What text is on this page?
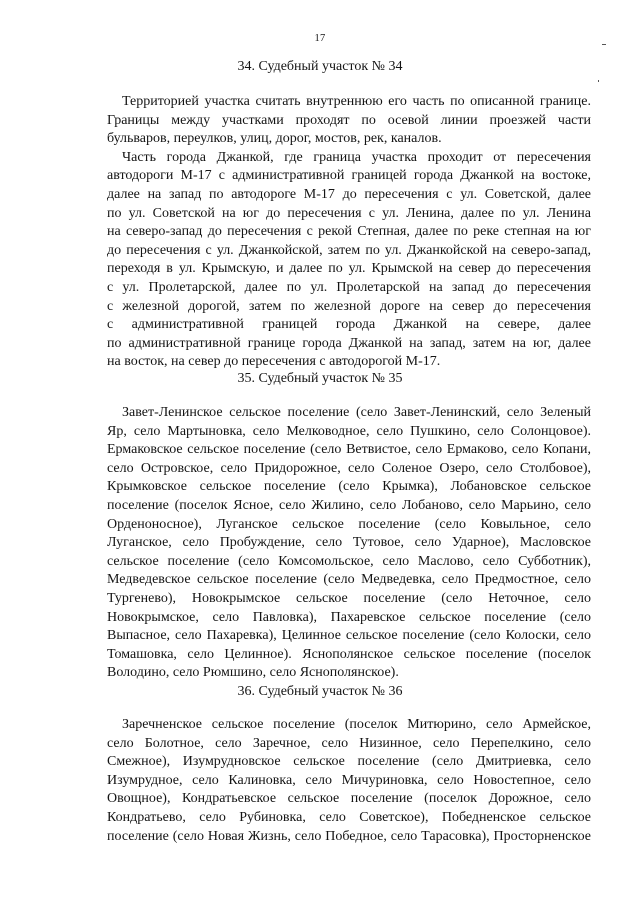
17
34. Судебный участок № 34
Территорией участка считать внутреннюю его часть по описанной границе.
Границы между участками проходят по осевой линии проезжей части
бульваров, переулков, улиц, дорог, мостов, рек, каналов.
Часть города Джанкой, где граница участка проходит от пересечения
автодороги М-17 с административной границей города Джанкой на востоке,
далее на запад по автодороге М-17 до пересечения с ул. Советской, далее
по ул. Советской на юг до пересечения с ул. Ленина, далее по ул. Ленина
на северо-запад до пересечения с рекой Степная, далее по реке степная на юг
до пересечения с ул. Джанкойской, затем по ул. Джанкойской на северо-запад,
переходя в ул. Крымскую, и далее по ул. Крымской на север до пересечения
с ул. Пролетарской, далее по ул. Пролетарской на запад до пересечения
с железной дорогой, затем по железной дороге на север до пересечения
с административной границей города Джанкой на севере, далее
по административной границе города Джанкой на запад, затем на юг, далее
на восток, на север до пересечения с автодорогой М-17.
35. Судебный участок № 35
Завет-Ленинское сельское поселение (село Завет-Ленинский, село Зеленый
Яр, село Мартыновка, село Мелководное, село Пушкино, село Солонцовое).
Ермаковское сельское поселение (село Ветвистое, село Ермаково, село Копани,
село Островское, село Придорожное, село Соленое Озеро, село Столбовое),
Крымковское сельское поселение (село Крымка), Лобановское сельское
поселение (поселок Ясное, село Жилино, село Лобаново, село Марьино, село
Орденоносное), Луганское сельское поселение (село Ковыльное, село
Луганское, село Пробуждение, село Тутовое, село Ударное), Масловское
сельское поселение (село Комсомольское, село Маслово, село Субботник),
Медведевское сельское поселение (село Медведевка, село Предмостное, село
Тургенево), Новокрымское сельское поселение (село Неточное, село
Новокрымское, село Павловка), Пахаревское сельское поселение (село
Выпасное, село Пахаревка), Целинное сельское поселение (село Колоски, село
Томашовка, село Целинное). Яснополянское сельское поселение (поселок
Володино, село Рюмшино, село Яснополянское).
36. Судебный участок № 36
Заречненское сельское поселение (поселок Митюрино, село Армейское,
село Болотное, село Заречное, село Низинное, село Перепелкино, село
Смежное), Изумрудновское сельское поселение (село Дмитриевка, село
Изумрудное, село Калиновка, село Мичуриновка, село Новостепное, село
Овощное), Кондратьевское сельское поселение (поселок Дорожное, село
Кондратьево, село Рубиновка, село Советское), Победненское сельское
поселение (село Новая Жизнь, село Победное, село Тарасовка), Просторненское
